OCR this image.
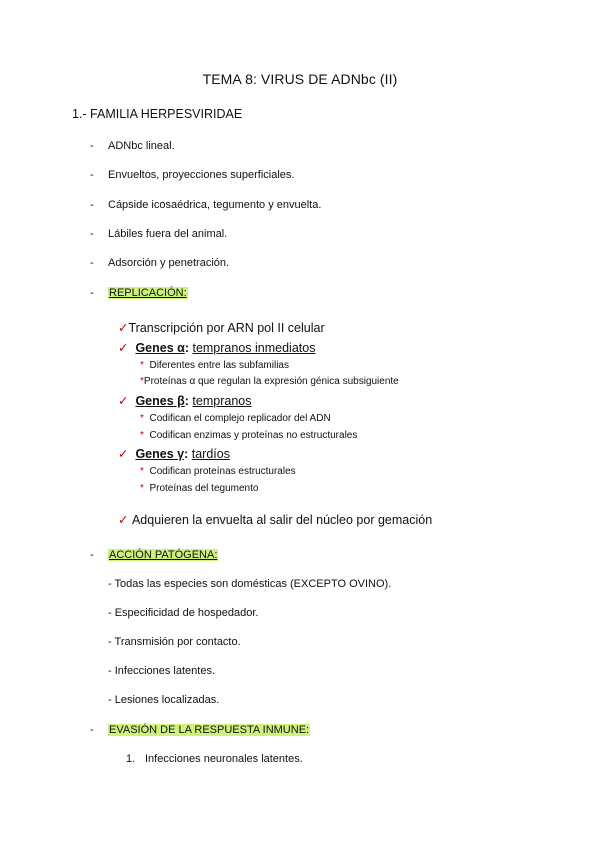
TEMA 8: VIRUS DE ADNbc (II)
1.- FAMILIA HERPESVIRIDAE
- ADNbc lineal.
- Envueltos, proyecciones superficiales.
- Cápside icosaédrica, tegumento y envuelta.
- Lábiles fuera del animal.
- Adsorción y penetración.
- REPLICACIÓN:
✓Transcripción por ARN pol II celular
✓ Genes α: tempranos inmediatos
* Diferentes entre las subfamilias
*Proteínas α que regulan la expresión génica subsiguiente
✓ Genes β: tempranos
* Codifican el complejo replicador del ADN
* Codifican enzimas y proteínas no estructurales
✓ Genes γ: tardíos
* Codifican proteínas estructurales
* Proteínas del tegumento
✓ Adquieren la envuelta al salir del núcleo por gemación
- ACCIÓN PATÓGENA:
- Todas las especies son domésticas (EXCEPTO OVINO).
- Especificidad de hospedador.
- Transmisión por contacto.
- Infecciones latentes.
- Lesiones localizadas.
- EVASIÓN DE LA RESPUESTA INMUNE:
1. Infecciones neuronales latentes.
